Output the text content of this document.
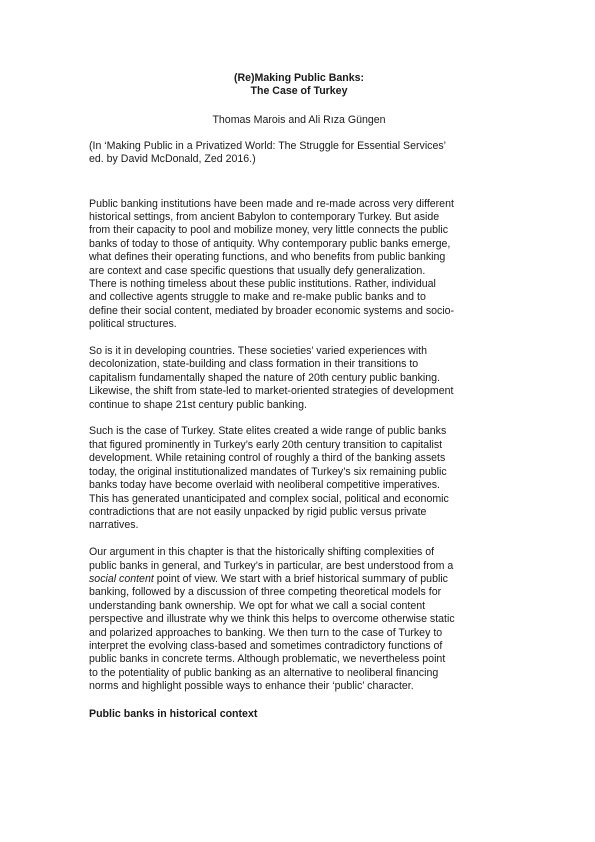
(Re)Making Public Banks:
The Case of Turkey
Thomas Marois and Ali Rıza Güngen
(In ‘Making Public in a Privatized World: The Struggle for Essential Services’
ed. by David McDonald, Zed 2016.)

Public banking institutions have been made and re-made across very different
historical settings, from ancient Babylon to contemporary Turkey. But aside
from their capacity to pool and mobilize money, very little connects the public
banks of today to those of antiquity. Why contemporary public banks emerge,
what defines their operating functions, and who benefits from public banking
are context and case specific questions that usually defy generalization.
There is nothing timeless about these public institutions. Rather, individual
and collective agents struggle to make and re-make public banks and to
define their social content, mediated by broader economic systems and socio-
political structures.

So is it in developing countries. These societies’ varied experiences with
decolonization, state-building and class formation in their transitions to
capitalism fundamentally shaped the nature of 20th century public banking.
Likewise, the shift from state-led to market-oriented strategies of development
continue to shape 21st century public banking.

Such is the case of Turkey. State elites created a wide range of public banks
that figured prominently in Turkey’s early 20th century transition to capitalist
development. While retaining control of roughly a third of the banking assets
today, the original institutionalized mandates of Turkey’s six remaining public
banks today have become overlaid with neoliberal competitive imperatives.
This has generated unanticipated and complex social, political and economic
contradictions that are not easily unpacked by rigid public versus private
narratives.

Our argument in this chapter is that the historically shifting complexities of
public banks in general, and Turkey’s in particular, are best understood from a
social content point of view. We start with a brief historical summary of public
banking, followed by a discussion of three competing theoretical models for
understanding bank ownership. We opt for what we call a social content
perspective and illustrate why we think this helps to overcome otherwise static
and polarized approaches to banking. We then turn to the case of Turkey to
interpret the evolving class-based and sometimes contradictory functions of
public banks in concrete terms. Although problematic, we nevertheless point
to the potentiality of public banking as an alternative to neoliberal financing
norms and highlight possible ways to enhance their ‘public’ character.

Public banks in historical context
